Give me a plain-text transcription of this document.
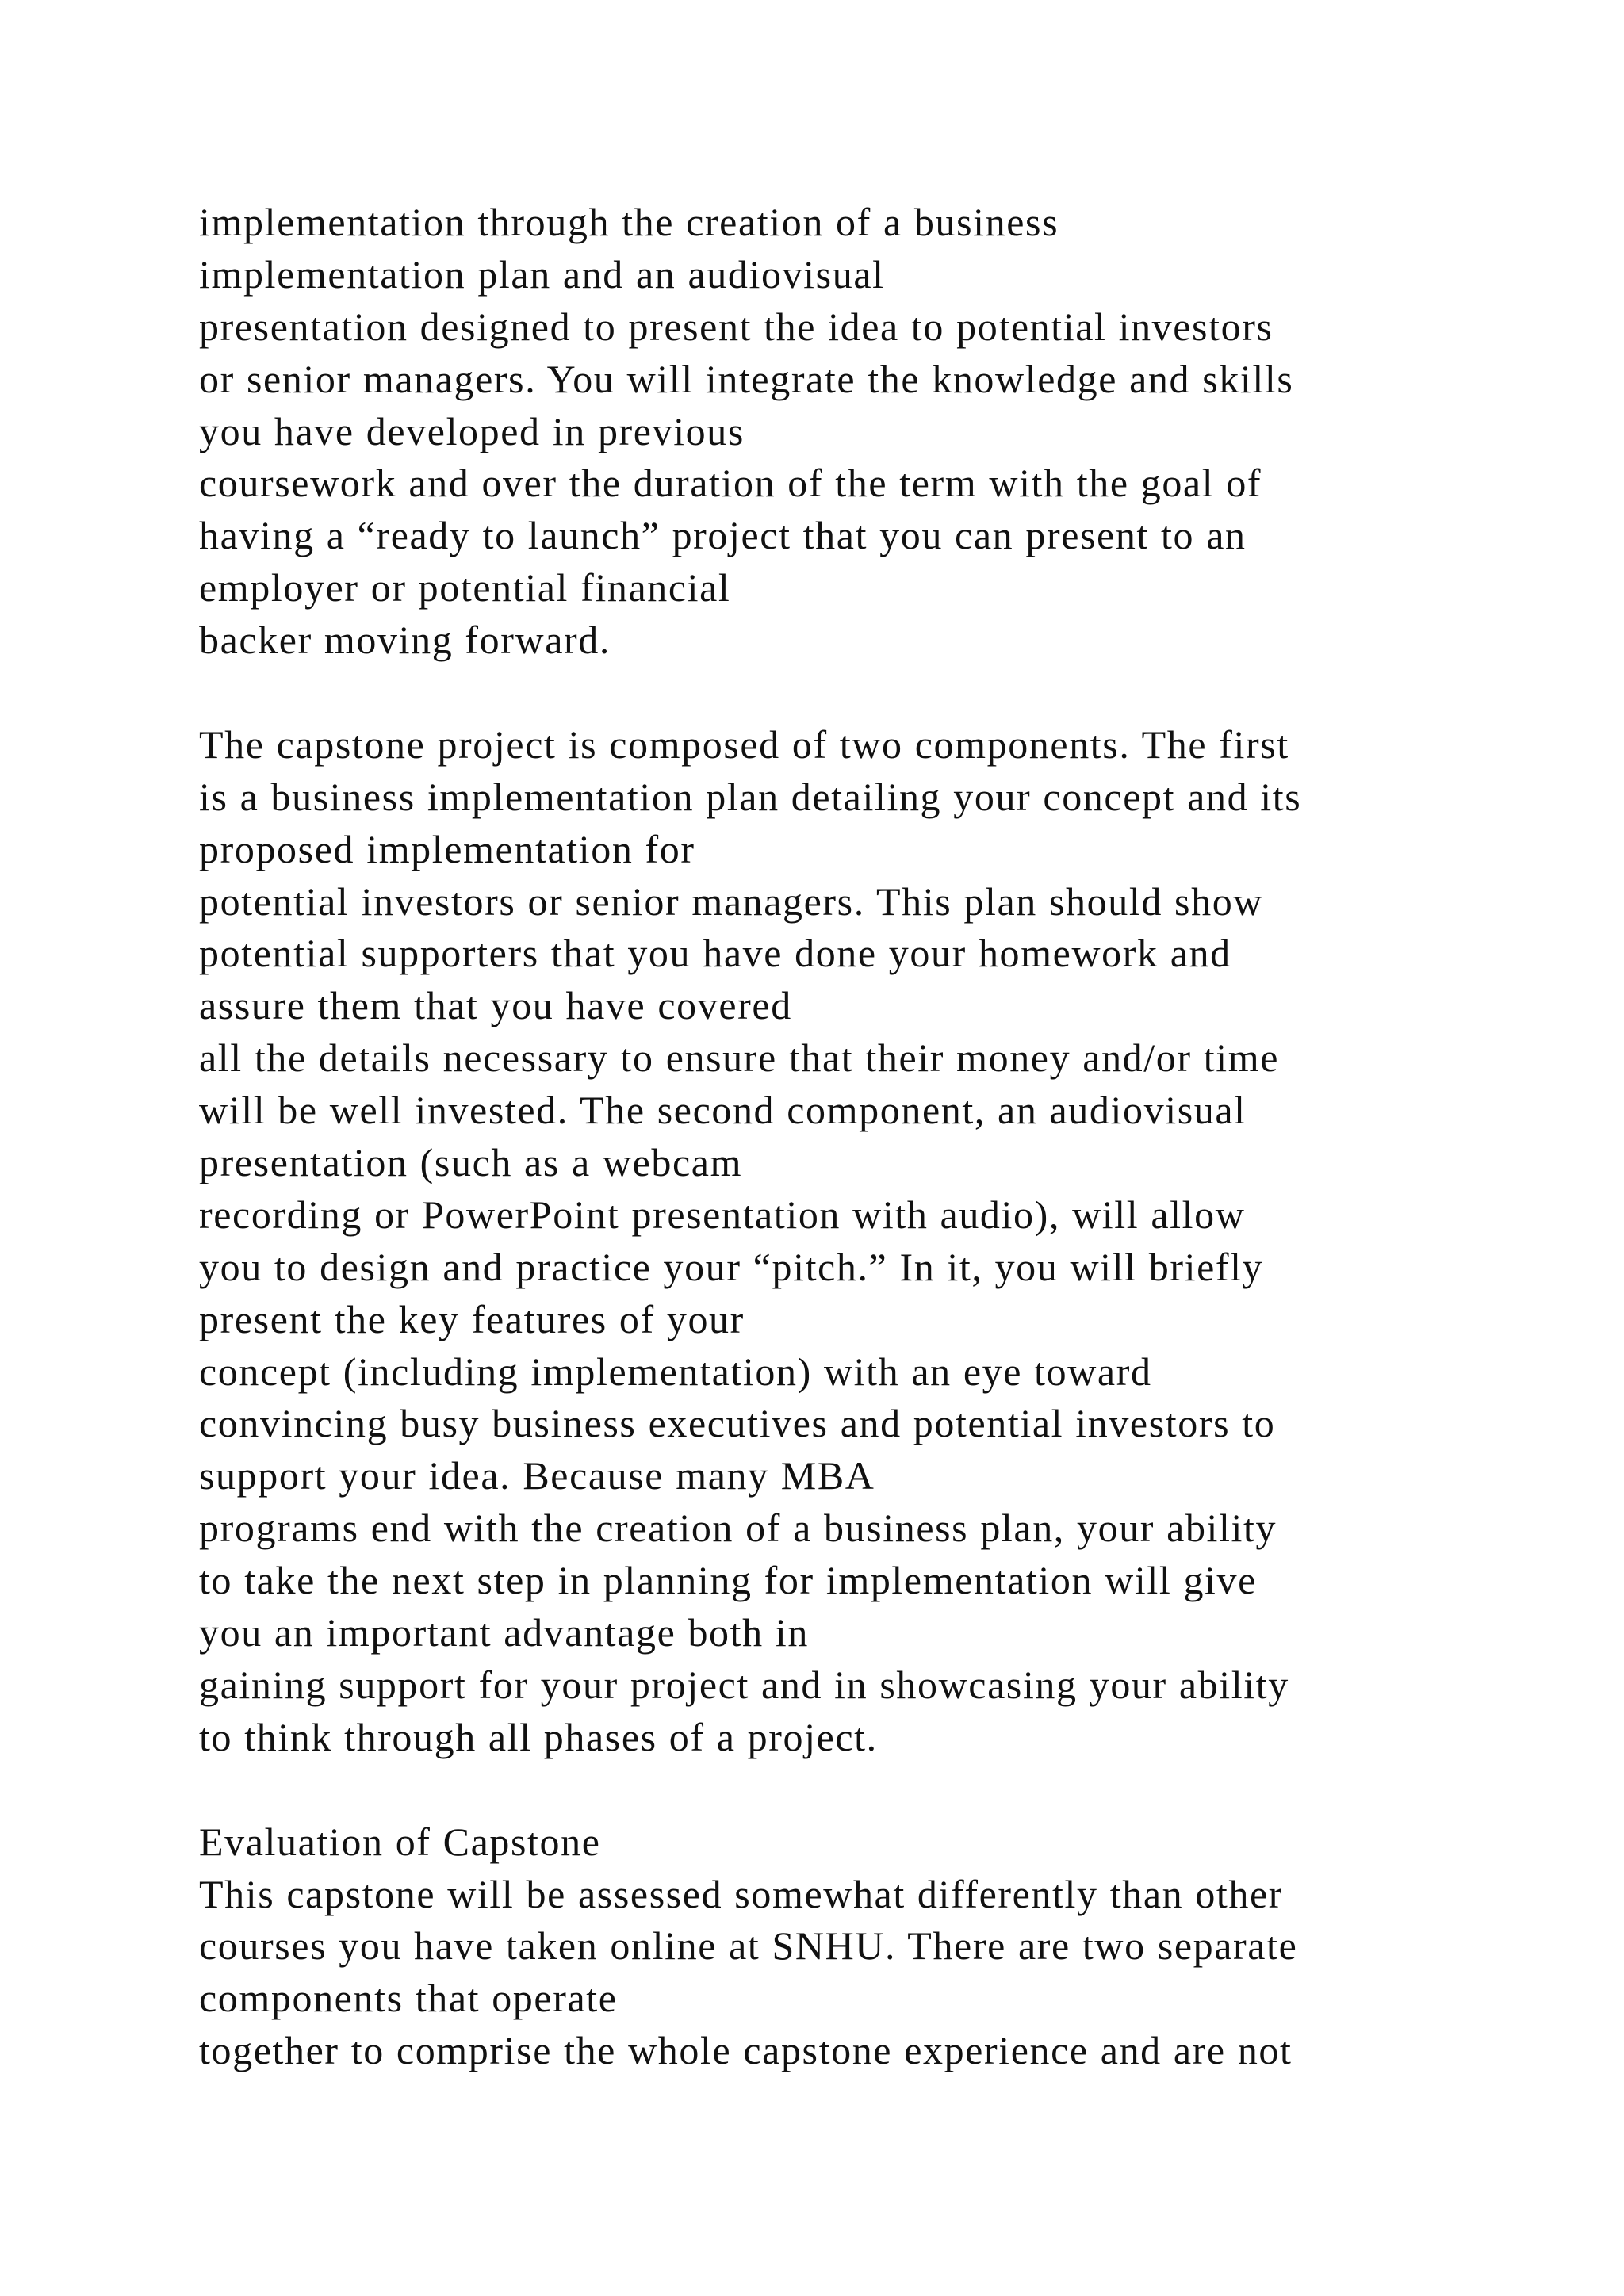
implementation through the creation of a business
implementation plan and an audiovisual
presentation designed to present the idea to potential investors
or senior managers. You will integrate the knowledge and skills
you have developed in previous
coursework and over the duration of the term with the goal of
having a “ready to launch” project that you can present to an
employer or potential financial
backer moving forward.
The capstone project is composed of two components. The first
is a business implementation plan detailing your concept and its
proposed implementation for
potential investors or senior managers. This plan should show
potential supporters that you have done your homework and
assure them that you have covered
all the details necessary to ensure that their money and/or time
will be well invested. The second component, an audiovisual
presentation (such as a webcam
recording or PowerPoint presentation with audio), will allow
you to design and practice your “pitch.” In it, you will briefly
present the key features of your
concept (including implementation) with an eye toward
convincing busy business executives and potential investors to
support your idea. Because many MBA
programs end with the creation of a business plan, your ability
to take the next step in planning for implementation will give
you an important advantage both in
gaining support for your project and in showcasing your ability
to think through all phases of a project.
Evaluation of Capstone
This capstone will be assessed somewhat differently than other
courses you have taken online at SNHU. There are two separate
components that operate
together to comprise the whole capstone experience and are not
